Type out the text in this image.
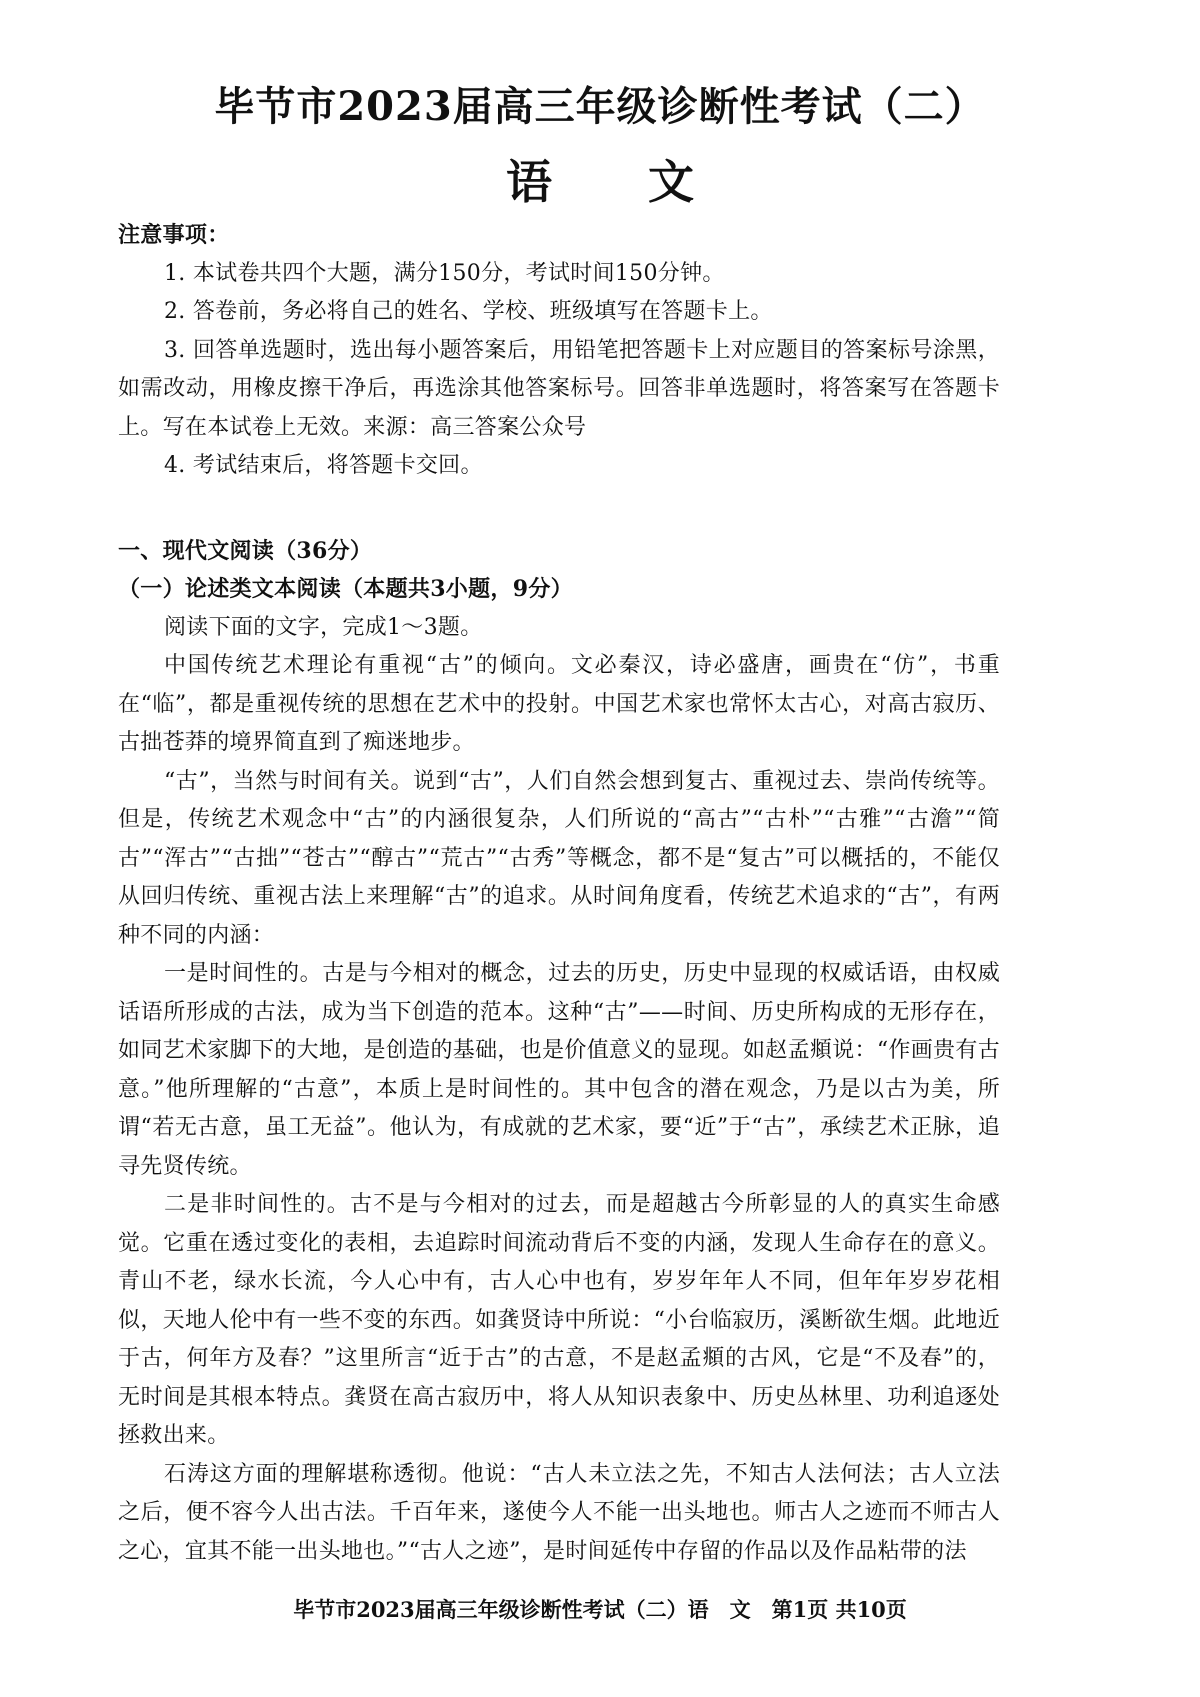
毕节市2023届高三年级诊断性考试（二）
语 文

注意事项：

1. 本试卷共四个大题，满分150分，考试时间150分钟。

2. 答卷前，务必将自己的姓名、学校、班级填写在答题卡上。

3. 回答单选题时，选出每小题答案后，用铅笔把答题卡上对应题目的答案标号涂黑，如需改动，用橡皮擦干净后，再选涂其他答案标号。回答非单选题时，将答案写在答题卡上。写在本试卷上无效。来源：高三答案公众号

4. 考试结束后，将答题卡交回。

一、现代文阅读（36分）

（一）论述类文本阅读（本题共3小题，9分）

阅读下面的文字，完成1～3题。

中国传统艺术理论有重视“古”的倾向。文必秦汉，诗必盛唐，画贵在“仿”，书重在“临”，都是重视传统的思想在艺术中的投射。中国艺术家也常怀太古心，对高古寂历、古拙苍莽的境界简直到了痴迷地步。

“古”，当然与时间有关。说到“古”，人们自然会想到复古、重视过去、崇尚传统等。但是，传统艺术观念中“古”的内涵很复杂，人们所说的“高古”“古朴”“古雅”“古澹”“简古”“浑古”“古拙”“苍古”“醇古”“荒古”“古秀”等概念，都不是“复古”可以概括的，不能仅从回归传统、重视古法上来理解“古”的追求。从时间角度看，传统艺术追求的“古”，有两种不同的内涵：

一是时间性的。古是与今相对的概念，过去的历史，历史中显现的权威话语，由权威话语所形成的古法，成为当下创造的范本。这种“古”——时间、历史所构成的无形存在，如同艺术家脚下的大地，是创造的基础，也是价值意义的显现。如赵孟頫说：“作画贵有古意。”他所理解的“古意”，本质上是时间性的。其中包含的潜在观念，乃是以古为美，所谓“若无古意，虽工无益”。他认为，有成就的艺术家，要“近”于“古”，承续艺术正脉，追寻先贤传统。

二是非时间性的。古不是与今相对的过去，而是超越古今所彰显的人的真实生命感觉。它重在透过变化的表相，去追踪时间流动背后不变的内涵，发现人生命存在的意义。青山不老，绿水长流，今人心中有，古人心中也有，岁岁年年人不同，但年年岁岁花相似，天地人伦中有一些不变的东西。如龚贤诗中所说：“小台临寂历，溪断欲生烟。此地近于古，何年方及春？”这里所言“近于古”的古意，不是赵孟頫的古风，它是“不及春”的，无时间是其根本特点。龚贤在高古寂历中，将人从知识表象中、历史丛林里、功利追逐处拯救出来。

石涛这方面的理解堪称透彻。他说：“古人未立法之先，不知古人法何法；古人立法之后，便不容今人出古法。千百年来，遂使今人不能一出头地也。师古人之迹而不师古人之心，宜其不能一出头地也。”“古人之迹”，是时间延传中存留的作品以及作品粘带的法

毕节市2023届高三年级诊断性考试（二）语　文　第1页 共10页
